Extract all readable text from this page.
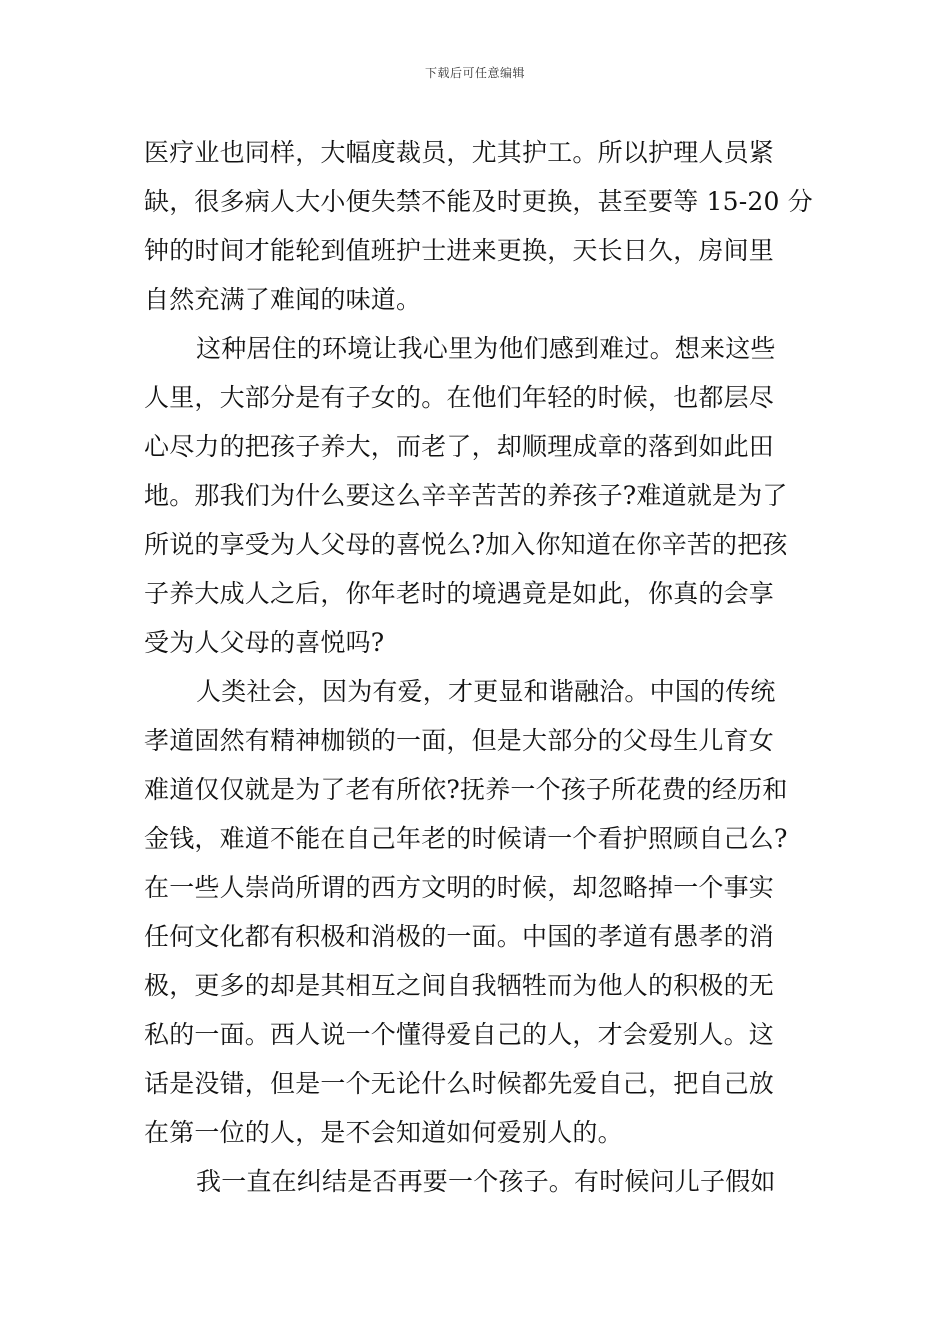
下载后可任意编辑
医疗业也同样，大幅度裁员，尤其护工。所以护理人员紧
缺，很多病人大小便失禁不能及时更换，甚至要等 15-20 分
钟的时间才能轮到值班护士进来更换，天长日久，房间里
自然充满了难闻的味道。
这种居住的环境让我心里为他们感到难过。想来这些
人里，大部分是有子女的。在他们年轻的时候，也都层尽
心尽力的把孩子养大，而老了，却顺理成章的落到如此田
地。那我们为什么要这么辛辛苦苦的养孩子?难道就是为了
所说的享受为人父母的喜悦么?加入你知道在你辛苦的把孩
子养大成人之后，你年老时的境遇竟是如此，你真的会享
受为人父母的喜悦吗?
人类社会，因为有爱，才更显和谐融洽。中国的传统
孝道固然有精神枷锁的一面，但是大部分的父母生儿育女
难道仅仅就是为了老有所依?抚养一个孩子所花费的经历和
金钱，难道不能在自己年老的时候请一个看护照顾自己么?
在一些人崇尚所谓的西方文明的时候，却忽略掉一个事实
任何文化都有积极和消极的一面。中国的孝道有愚孝的消
极，更多的却是其相互之间自我牺牲而为他人的积极的无
私的一面。西人说一个懂得爱自己的人，才会爱别人。这
话是没错，但是一个无论什么时候都先爱自己，把自己放
在第一位的人，是不会知道如何爱别人的。
我一直在纠结是否再要一个孩子。有时候问儿子假如
